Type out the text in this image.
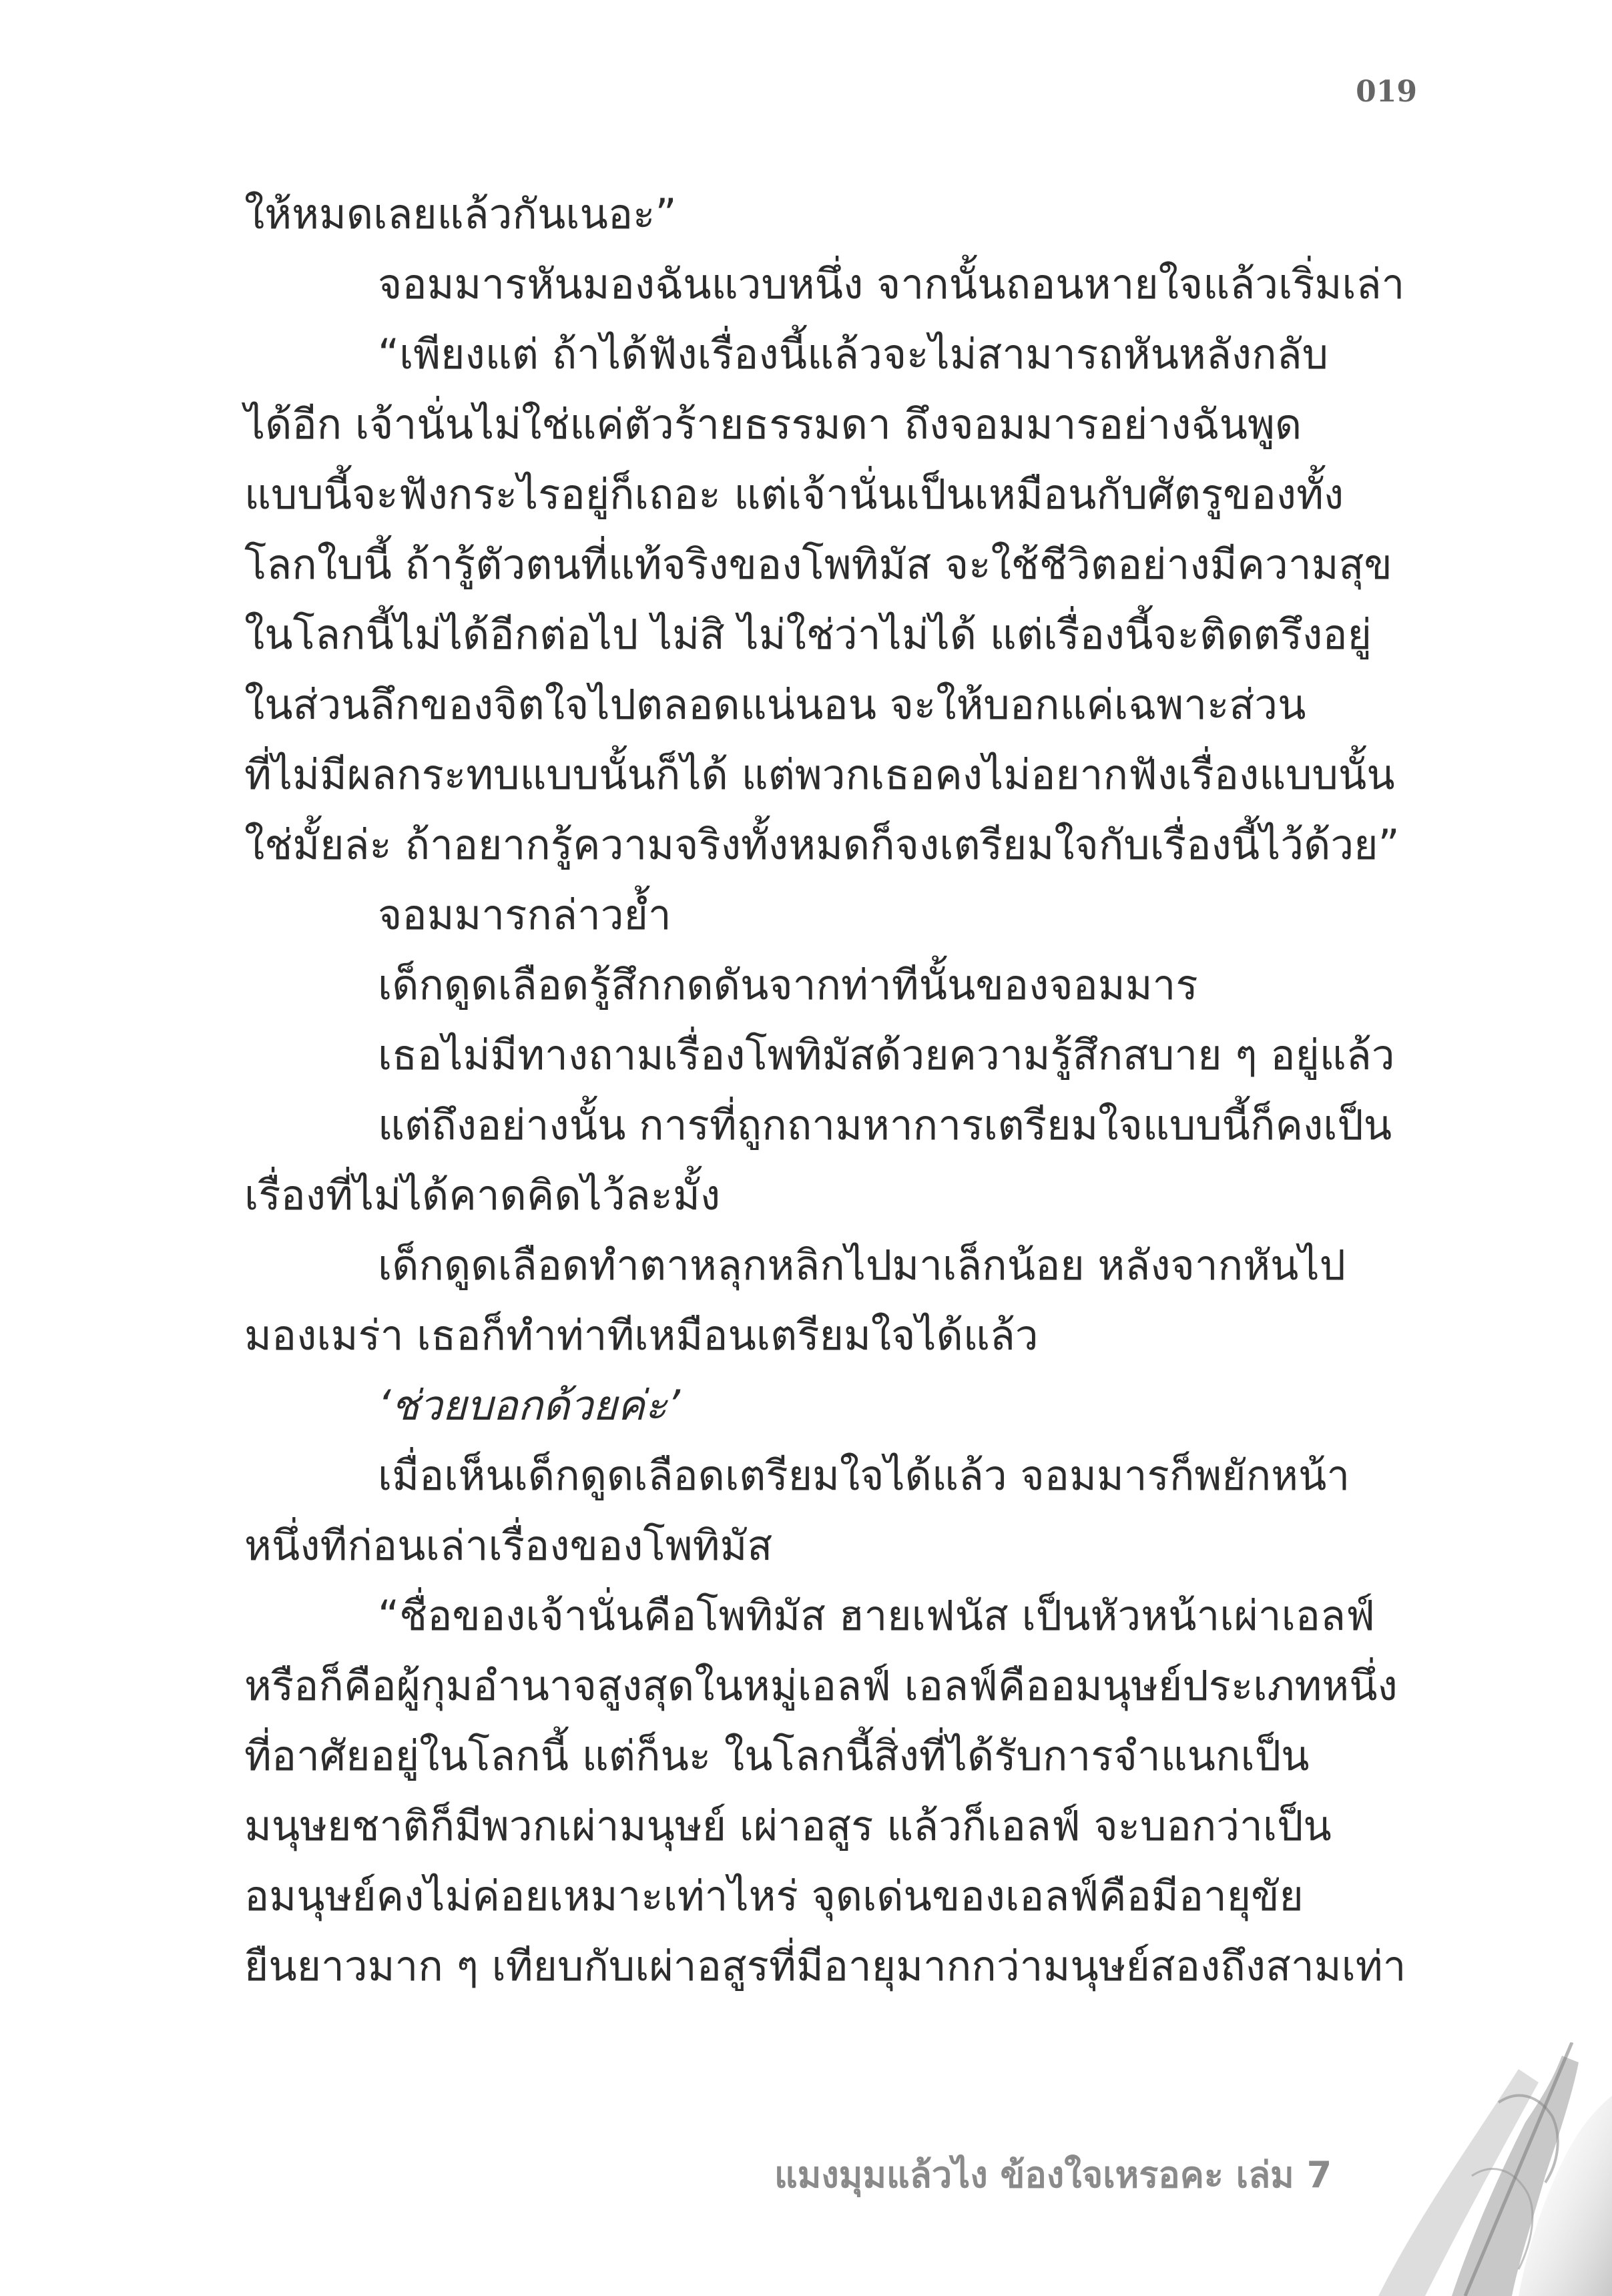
019
ให้หมดเลยแล้วกันเนอะ”
จอมมารหันมองฉันแวบหนึ่ง จากนั้นถอนหายใจแล้วเริ่มเล่า
“เพียงแต่ ถ้าได้ฟังเรื่องนี้แล้วจะไม่สามารถหันหลังกลับ
ได้อีก เจ้านั่นไม่ใช่แค่ตัวร้ายธรรมดา ถึงจอมมารอย่างฉันพูด
แบบนี้จะฟังกระไรอยู่ก็เถอะ แต่เจ้านั่นเป็นเหมือนกับศัตรูของทั้ง
โลกใบนี้ ถ้ารู้ตัวตนที่แท้จริงของโพทิมัส จะใช้ชีวิตอย่างมีความสุข
ในโลกนี้ไม่ได้อีกต่อไป ไม่สิ ไม่ใช่ว่าไม่ได้ แต่เรื่องนี้จะติดตรึงอยู่
ในส่วนลึกของจิตใจไปตลอดแน่นอน จะให้บอกแค่เฉพาะส่วน
ที่ไม่มีผลกระทบแบบนั้นก็ได้ แต่พวกเธอคงไม่อยากฟังเรื่องแบบนั้น
ใช่มั้ยล่ะ ถ้าอยากรู้ความจริงทั้งหมดก็จงเตรียมใจกับเรื่องนี้ไว้ด้วย”
จอมมารกล่าวย้ำ
เด็กดูดเลือดรู้สึกกดดันจากท่าทีนั้นของจอมมาร
เธอไม่มีทางถามเรื่องโพทิมัสด้วยความรู้สึกสบาย ๆ อยู่แล้ว
แต่ถึงอย่างนั้น การที่ถูกถามหาการเตรียมใจแบบนี้ก็คงเป็น
เรื่องที่ไม่ได้คาดคิดไว้ละมั้ง
เด็กดูดเลือดทำตาหลุกหลิกไปมาเล็กน้อย หลังจากหันไป
มองเมร่า เธอก็ทำท่าทีเหมือนเตรียมใจได้แล้ว
‘ช่วยบอกด้วยค่ะ’
เมื่อเห็นเด็กดูดเลือดเตรียมใจได้แล้ว จอมมารก็พยักหน้า
หนึ่งทีก่อนเล่าเรื่องของโพทิมัส
“ชื่อของเจ้านั่นคือโพทิมัส ฮายเฟนัส เป็นหัวหน้าเผ่าเอลฟ์
หรือก็คือผู้กุมอำนาจสูงสุดในหมู่เอลฟ์ เอลฟ์คืออมนุษย์ประเภทหนึ่ง
ที่อาศัยอยู่ในโลกนี้ แต่ก็นะ ในโลกนี้สิ่งที่ได้รับการจำแนกเป็น
มนุษยชาติก็มีพวกเผ่ามนุษย์ เผ่าอสูร แล้วก็เอลฟ์ จะบอกว่าเป็น
อมนุษย์คงไม่ค่อยเหมาะเท่าไหร่ จุดเด่นของเอลฟ์คือมีอายุขัย
ยืนยาวมาก ๆ เทียบกับเผ่าอสูรที่มีอายุมากกว่ามนุษย์สองถึงสามเท่า
แมงมุมแล้วไง ข้องใจเหรอคะ เล่ม 7
